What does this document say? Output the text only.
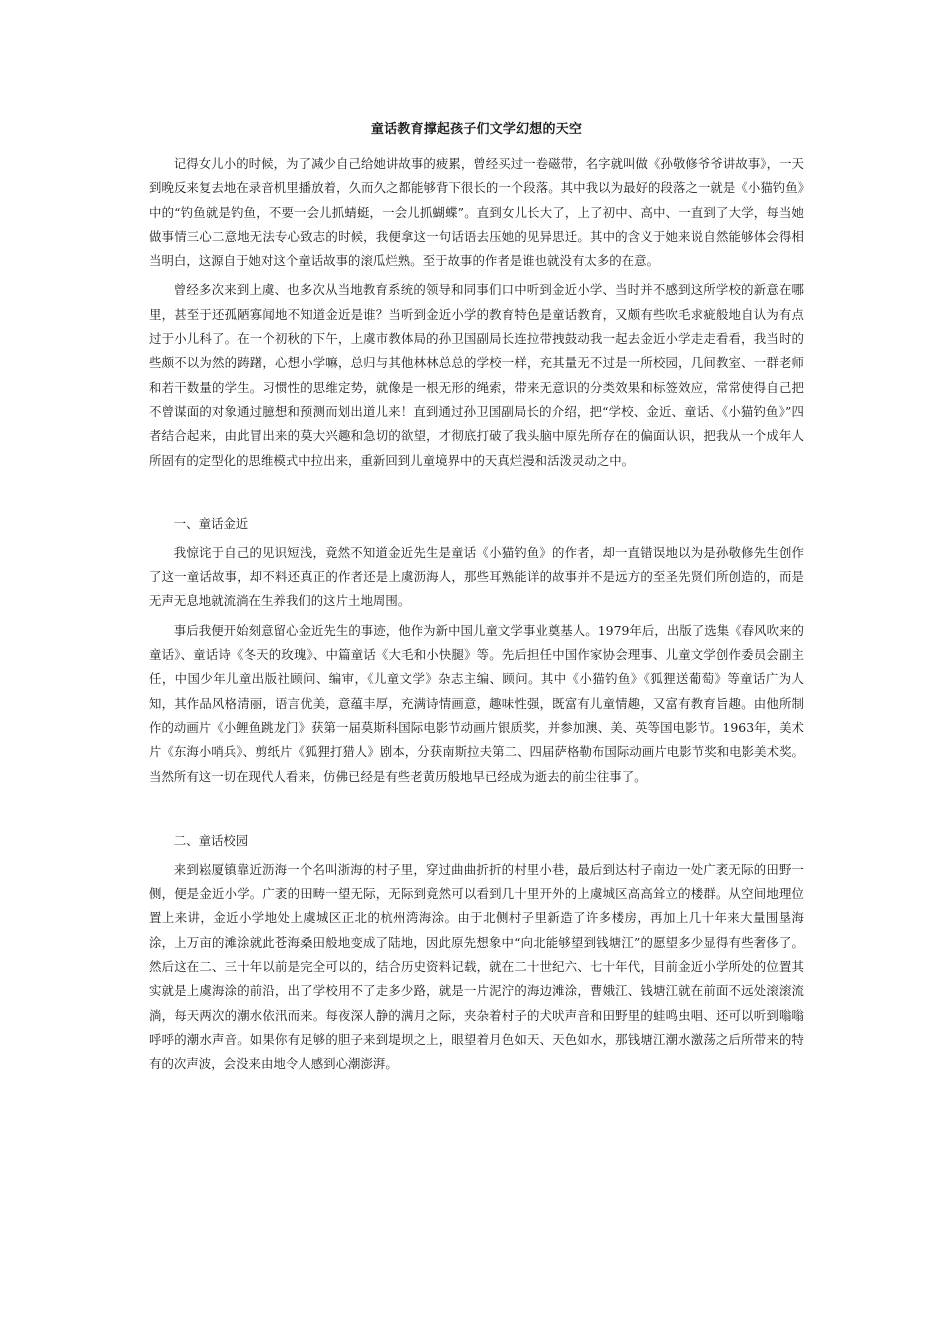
童话教育撑起孩子们文学幻想的天空

记得女儿小的时候，为了减少自己给她讲故事的疲累，曾经买过一卷磁带，名字就叫做《孙敬修爷爷讲故事》，一天到晚反来复去地在录音机里播放着，久而久之都能够背下很长的一个段落。其中我以为最好的段落之一就是《小猫钓鱼》中的“钓鱼就是钓鱼，不要一会儿抓蜻蜓，一会儿抓蝴蝶”。直到女儿长大了，上了初中、高中、一直到了大学，每当她做事情三心二意地无法专心致志的时候，我便拿这一句话语去压她的见异思迁。其中的含义于她来说自然能够体会得相当明白，这源自于她对这个童话故事的滚瓜烂熟。至于故事的作者是谁也就没有太多的在意。

曾经多次来到上虞、也多次从当地教育系统的领导和同事们口中听到金近小学、当时并不感到这所学校的新意在哪里，甚至于还孤陋寡闻地不知道金近是谁？当听到金近小学的教育特色是童话教育，又颇有些吹毛求疵般地自认为有点过于小儿科了。在一个初秋的下午，上虞市教体局的孙卫国副局长连拉带拽鼓动我一起去金近小学走走看看，我当时的些颇不以为然的踌躇，心想小学嘛，总归与其他林林总总的学校一样，充其量无不过是一所校园，几间教室、一群老师和若干数量的学生。习惯性的思维定势，就像是一根无形的绳索，带来无意识的分类效果和标签效应，常常使得自己把不曾谋面的对象通过臆想和预测而划出道儿来！直到通过孙卫国副局长的介绍，把“学校、金近、童话、《小猫钓鱼》”四者结合起来，由此冒出来的莫大兴趣和急切的欲望，才彻底打破了我头脑中原先所存在的偏面认识，把我从一个成年人所固有的定型化的思维模式中拉出来，重新回到儿童境界中的天真烂漫和活泼灵动之中。

一、童话金近

我惊诧于自己的见识短浅，竟然不知道金近先生是童话《小猫钓鱼》的作者，却一直错误地以为是孙敬修先生创作了这一童话故事，却不料还真正的作者还是上虞沥海人，那些耳熟能详的故事并不是远方的至圣先贤们所创造的，而是无声无息地就流淌在生养我们的这片土地周围。

事后我便开始刻意留心金近先生的事迹，他作为新中国儿童文学事业奠基人。1979年后，出版了选集《春风吹来的童话》、童话诗《冬天的玫瑰》、中篇童话《大毛和小快腿》等。先后担任中国作家协会理事、儿童文学创作委员会副主任，中国少年儿童出版社顾问、编审，《儿童文学》杂志主编、顾问。其中《小猫钓鱼》《狐狸送葡萄》等童话广为人知，其作品风格清丽，语言优美，意蕴丰厚，充满诗情画意，趣味性强，既富有儿童情趣，又富有教育旨趣。由他所制作的动画片《小鲤鱼跳龙门》获第一届莫斯科国际电影节动画片银质奖，并参加澳、美、英等国电影节。1963年，美术片《东海小哨兵》、剪纸片《狐狸打猎人》剧本，分获南斯拉夫第二、四届萨格勒布国际动画片电影节奖和电影美术奖。当然所有这一切在现代人看来，仿佛已经是有些老黄历般地早已经成为逝去的前尘往事了。

二、童话校园

来到崧厦镇靠近沥海一个名叫浙海的村子里，穿过曲曲折折的村里小巷，最后到达村子南边一处广袤无际的田野一侧，便是金近小学。广袤的田畴一望无际，无际到竟然可以看到几十里开外的上虞城区高高耸立的楼群。从空间地理位置上来讲，金近小学地处上虞城区正北的杭州湾海涂。由于北侧村子里新造了许多楼房，再加上几十年来大量围垦海涂，上万亩的滩涂就此苍海桑田般地变成了陆地，因此原先想象中“向北能够望到钱塘江”的愿望多少显得有些奢侈了。然后这在二、三十年以前是完全可以的，结合历史资料记载，就在二十世纪六、七十年代，目前金近小学所处的位置其实就是上虞海涂的前沿，出了学校用不了走多少路，就是一片泥泞的海边滩涂，曹娥江、钱塘江就在前面不远处滚滚流淌，每天两次的潮水依汛而来。每夜深人静的满月之际，夹杂着村子的犬吠声音和田野里的蛙鸣虫唱、还可以听到嗡嗡呼呼的潮水声音。如果你有足够的胆子来到堤坝之上，眼望着月色如天、天色如水，那钱塘江潮水激荡之后所带来的特有的次声波，会没来由地令人感到心潮澎湃。
